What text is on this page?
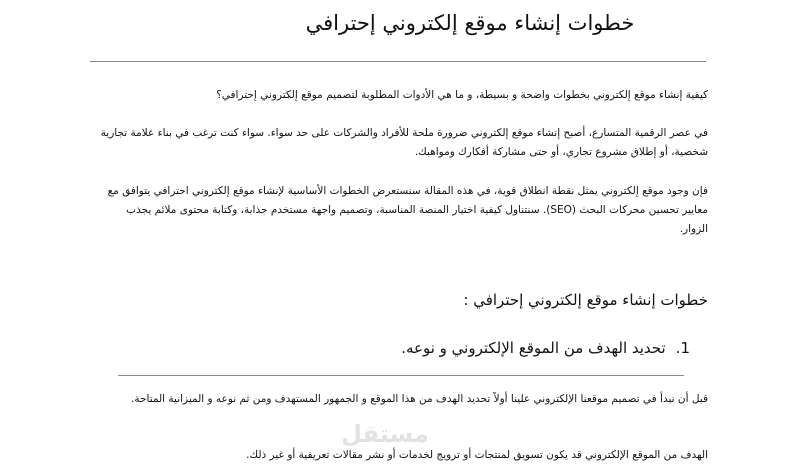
خطوات إنشاء موقع إلكتروني إحترافي

كيفية إنشاء موقع إلكتروني بخطوات واضحة و بسيطة، و ما هي الأدوات المطلوبة لتصميم موقع إلكتروني إحترافي؟

في عصر الرقمية المتسارع، أصبح إنشاء موقع إلكتروني ضرورة ملحة للأفراد والشركات على حد سواء. سواء كنت ترغب في بناء علامة تجارية شخصية، أو إطلاق مشروع تجاري، أو حتى مشاركة أفكارك ومواهبك.

فإن وجود موقع إلكتروني يمثل نقطة انطلاق قوية، في هذه المقالة سنستعرض الخطوات الأساسية لإنشاء موقع إلكتروني احترافي يتوافق مع معايير تحسين محركات البحث (SEO). سنتناول كيفية اختيار المنصة المناسبة، وتصميم واجهة مستخدم جذابة، وكتابة محتوى ملائم يجذب الزوار.

خطوات إنشاء موقع إلكتروني إحترافي :
1.
تحديد الهدف من الموقع الإلكتروني و نوعه.

قبل أن نبدأ في تصميم موقعنا الإلكتروني علينا أولاً تحديد الهدف من هذا الموقع و الجمهور المستهدف ومن ثم نوعه و الميزانية المتاحة.

الهدف من الموقع الإلكتروني قد يكون تسويق لمنتجات أو ترويج لخدمات أو نشر مقالات تعريفية أو غير ذلك.

مستقل
